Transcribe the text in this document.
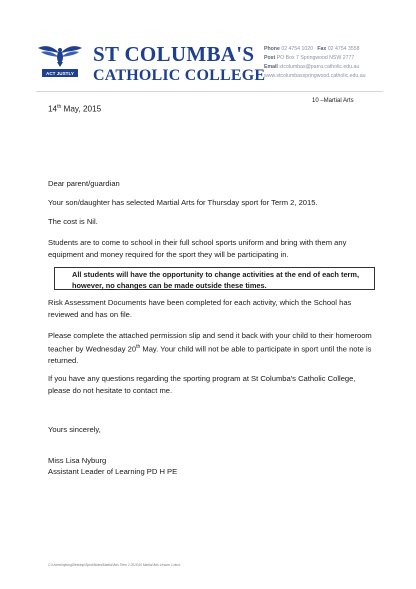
ACT JUSTLY
ST COLUMBA'S
CATHOLIC COLLEGE
Phone 02 4754 1020 Fax 02 4754 3558
Post PO Box 7 Springwood NSW 2777
Email stcolumbas@parra.catholic.edu.au
www.stcolumbasspringwood.catholic.edu.au
10 –Martial Arts
14th May, 2015
Dear parent/guardian
Your son/daughter has selected Martial Arts for Thursday sport for Term 2, 2015.
The cost is Nil.
Students are to come to school in their full school sports uniform and bring with them any equipment and money required for the sport they will be participating in.
All students will have the opportunity to change activities at the end of each term,
however, no changes can be made outside these times.
Risk Assessment Documents have been completed for each activity, which the School has reviewed and has on file.
Please complete the attached permission slip and send it back with your child to their homeroom teacher by Wednesday 20th May. Your child will not be able to participate in sport until the note is returned.
If you have any questions regarding the sporting program at St Columba's Catholic College, please do not hesitate to contact me.
Yours sincerely,
Miss Lisa Nyburg
Assistant Leader of Learning PD H PE
C:\Users\lnyburg\Desktop\Sport\Notes\Martial Arts Term 2 2015\10 Martial Arts Lesson 1.docx
